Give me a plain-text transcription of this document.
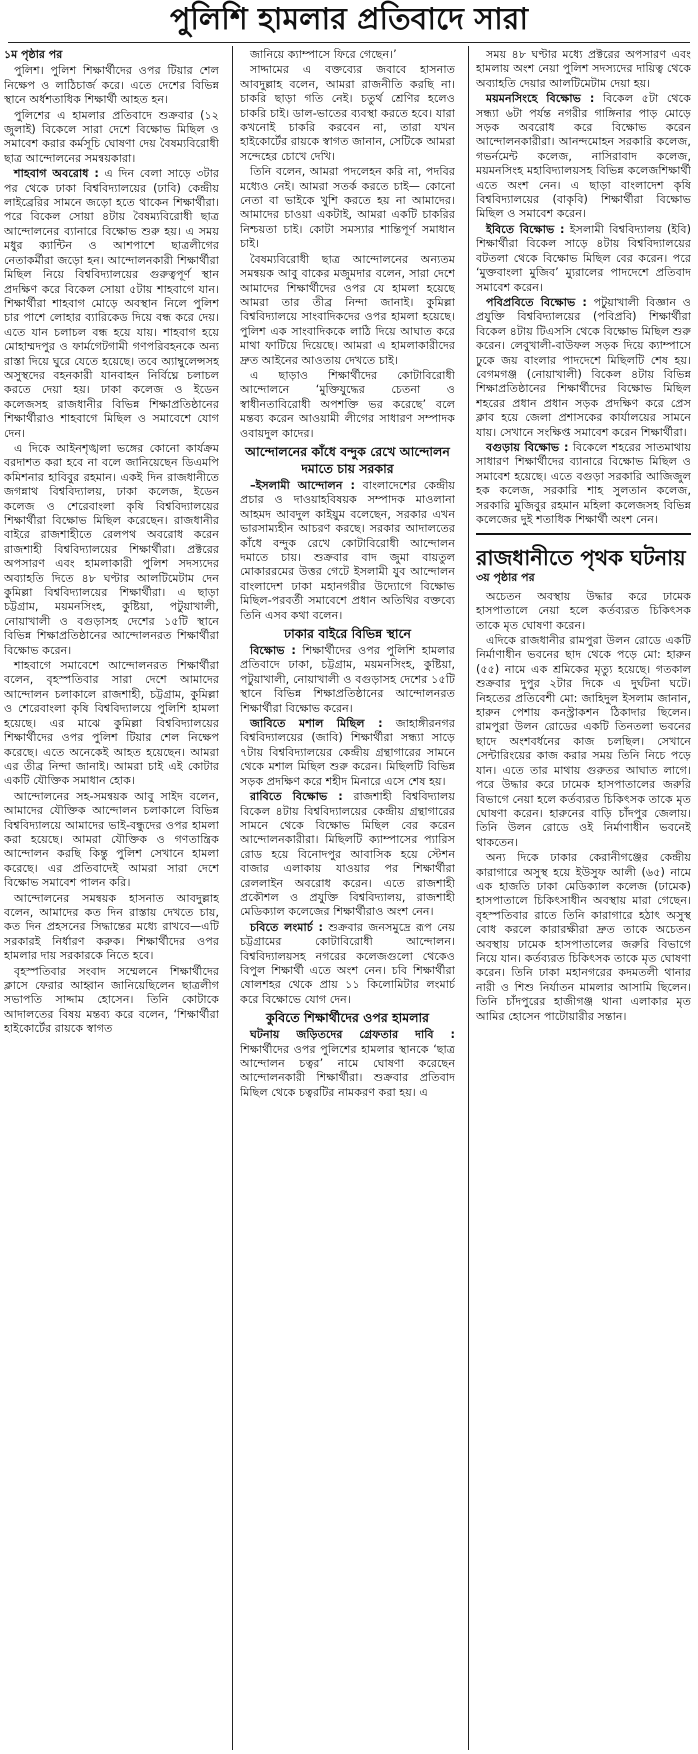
পুলিশি হামলার প্রতিবাদে সারা
১ম পৃষ্ঠার পর

পুলিশ। পুলিশ শিক্ষার্থীদের ওপর টিয়ার শেল নিক্ষেপ ও লাঠিচার্জ করে। এতে দেশের বিভিন্ন স্থানে অর্ধশতাধিক শিক্ষার্থী আহত হন।

পুলিশের এ হামলার প্রতিবাদে শুক্রবার (১২ জুলাই) বিকেলে সারা দেশে বিক্ষোভ মিছিল ও সমাবেশ করার কর্মসূচি ঘোষণা দেয় বৈষম্যবিরোধী ছাত্র আন্দোলনের সমন্বয়কারা।

শাহবাগ অবরোধ : এ দিন বেলা সাড়ে ৩টার পর থেকে ঢাকা বিশ্ববিদ্যালয়ের (ঢাবি) কেন্দ্রীয় লাইব্রেরির সামনে জড়ো হতে থাকেন শিক্ষার্থীরা। পরে বিকেল সোয়া ৪টায় বৈষম্যবিরোধী ছাত্র আন্দোলনের ব্যানারে বিক্ষোভ শুরু হয়। এ সময় মধুর ক্যান্টিন ও আশপাশে ছাত্রলীগের নেতাকর্মীরা জড়ো হন। আন্দোলনকারী শিক্ষার্থীরা মিছিল নিয়ে বিশ্ববিদ্যালয়ের গুরুত্বপূর্ণ স্থান প্রদক্ষিণ করে বিকেল সোয়া ৫টায় শাহবাগে যান। শিক্ষার্থীরা শাহবাগ মোড়ে অবস্থান নিলে পুলিশ চার পাশে লোহার ব্যারিকেড দিয়ে বন্ধ করে দেয়। এতে যান চলাচল বন্ধ হয়ে যায়। শাহবাগ হয়ে মোহাম্মদপুর ও ফার্মগেটগামী গণপরিবহনকে অন্য রাস্তা দিয়ে ঘুরে যেতে হয়েছে। তবে অ্যাম্বুলেন্সসহ অসুস্থদের বহনকারী যানবাহন নির্বিঘ্নে চলাচল করতে দেয়া হয়। ঢাকা কলেজ ও ইডেন কলেজসহ রাজধানীর বিভিন্ন শিক্ষাপ্রতিষ্ঠানের শিক্ষার্থীরাও শাহবাগে মিছিল ও সমাবেশে যোগ দেন।

এ দিকে আইনশৃঙ্খলা ভঙ্গের কোনো কার্যক্রম বরদাশত করা হবে না বলে জানিয়েছেন ডিএমপি কমিশনার হাবিবুর রহমান। একই দিন রাজধানীতে জগন্নাথ বিশ্ববিদ্যালয়, ঢাকা কলেজ, ইডেন কলেজ ও শেরেবাংলা কৃষি বিশ্ববিদ্যালয়ের শিক্ষার্থীরা বিক্ষোভ মিছিল করেছেন। রাজধানীর বাইরে রাজশাহীতে রেলপথ অবরোধ করেন রাজশাহী বিশ্ববিদ্যালয়ের শিক্ষার্থীরা। প্রক্টরের অপসারণ এবং হামলাকারী পুলিশ সদস্যদের অব্যাহতি দিতে ৪৮ ঘণ্টার আলটিমেটাম দেন কুমিল্লা বিশ্ববিদ্যালয়ের শিক্ষার্থীরা। এ ছাড়া চট্টগ্রাম, ময়মনসিংহ, কুষ্টিয়া, পটুয়াখালী, নোয়াখালী ও বগুড়াসহ দেশের ১৫টি স্থানে বিভিন্ন শিক্ষাপ্রতিষ্ঠানের আন্দোলনরত শিক্ষার্থীরা বিক্ষোভ করেন।

শাহবাগে সমাবেশে আন্দোলনরত শিক্ষার্থীরা বলেন, বৃহস্পতিবার সারা দেশে আমাদের আন্দোলন চলাকালে রাজশাহী, চট্টগ্রাম, কুমিল্লা ও শেরেবাংলা কৃষি বিশ্ববিদ্যালয়ে পুলিশি হামলা হয়েছে। এর মাঝে কুমিল্লা বিশ্ববিদ্যালয়ের শিক্ষার্থীদের ওপর পুলিশ টিয়ার শেল নিক্ষেপ করেছে। এতে অনেকেই আহত হয়েছেন। আমরা এর তীব্র নিন্দা জানাই। আমরা চাই এই কোটার একটি যৌক্তিক সমাধান হোক।

আন্দোলনের সহ-সমন্বয়ক আবু সাইদ বলেন, আমাদের যৌক্তিক আন্দোলন চলাকালে বিভিন্ন বিশ্ববিদ্যালয়ে আমাদের ভাই-বন্ধুদের ওপর হামলা করা হয়েছে। আমরা যৌক্তিক ও গণতান্ত্রিক আন্দোলন করছি কিন্তু পুলিশ সেখানে হামলা করেছে। এর প্রতিবাদেই আমরা সারা দেশে বিক্ষোভ সমাবেশ পালন করি।

আন্দোলনের সমন্বয়ক হাসনাত আবদুল্লাহ বলেন, আমাদের কত দিন রাস্তায় দেখতে চায়, কত দিন প্রহসনের সিদ্ধান্তের মধ্যে রাখবে—এটি সরকারই নির্ধারণ করুক। শিক্ষার্থীদের ওপর হামলার দায় সরকারকে নিতে হবে।

বৃহস্পতিবার সংবাদ সম্মেলনে শিক্ষার্থীদের ক্লাসে ফেরার আহ্বান জানিয়েছিলেন ছাত্রলীগ সভাপতি সাদ্দাম হোসেন। তিনি কোটাকে আদালতের বিষয় মন্তব্য করে বলেন, ‘শিক্ষার্থীরা হাইকোর্টের রায়কে স্বাগত

জানিয়ে ক্যাম্পাসে ফিরে গেছেন।’

সাদ্দামের এ বক্তব্যের জবাবে হাসনাত আবদুল্লাহ বলেন, আমরা রাজনীতি করছি না। চাকরি ছাড়া গতি নেই। চতুর্থ শ্রেণির হলেও চাকরি চাই। ডাল-ভাতের ব্যবস্থা করতে হবে। যারা কখনোই চাকরি করবেন না, তারা যখন হাইকোর্টের রায়কে স্বাগত জানান, সেটিকে আমরা সন্দেহের চোখে দেখি।

তিনি বলেন, আমরা পদলেহন করি না, পদবির মধ্যেও নেই। আমরা সতর্ক করতে চাই— কোনো নেতা বা ভাইকে খুশি করতে হয় না আমাদের। আমাদের চাওয়া একটাই, আমরা একটি চাকরির নিশ্চয়তা চাই। কোটা সমস্যার শান্তিপূর্ণ সমাধান চাই।

বৈষম্যবিরোধী ছাত্র আন্দোলনের অন্যতম সমন্বয়ক আবু বাকের মজুমদার বলেন, সারা দেশে আমাদের শিক্ষার্থীদের ওপর যে হামলা হয়েছে আমরা তার তীব্র নিন্দা জানাই। কুমিল্লা বিশ্ববিদ্যালয়ে সাংবাদিকদের ওপর হামলা হয়েছে। পুলিশ এক সাংবাদিককে লাঠি দিয়ে আঘাত করে মাথা ফাটিয়ে দিয়েছে। আমরা এ হামলাকারীদের দ্রুত আইনের আওতায় দেখতে চাই।

এ ছাড়াও শিক্ষার্থীদের কোটাবিরোধী আন্দোলনে ‘মুক্তিযুদ্ধের চেতনা ও স্বাধীনতাবিরোধী অপশক্তি ভর করেছে’ বলে মন্তব্য করেন আওয়ামী লীগের সাধারণ সম্পাদক ওবায়দুল কাদের।

আন্দোলনের কাঁধে বন্দুক রেখে আন্দোলন দমাতে চায় সরকার

–ইসলামী আন্দোলন : বাংলাদেশের কেন্দ্রীয় প্রচার ও দাওয়াহবিষয়ক সম্পাদক মাওলানা আহমদ আবদুল কাইয়ুম বলেছেন, সরকার এখন ভারসাম্যহীন আচরণ করছে। সরকার আদালতের কাঁধে বন্দুক রেখে কোটাবিরোধী আন্দোলন দমাতে চায়। শুক্রবার বাদ জুমা বায়তুল মোকাররমের উত্তর গেটে ইসলামী যুব আন্দোলন বাংলাদেশ ঢাকা মহানগরীর উদ্যোগে বিক্ষোভ মিছিল-পরবর্তী সমাবেশে প্রধান অতিথির বক্তব্যে তিনি এসব কথা বলেন।

ঢাকার বাইরে বিভিন্ন স্থানে

বিক্ষোভ : শিক্ষার্থীদের ওপর পুলিশি হামলার প্রতিবাদে ঢাকা, চট্টগ্রাম, ময়মনসিংহ, কুষ্টিয়া, পটুয়াখালী, নোয়াখালী ও বগুড়াসহ দেশের ১৫টি স্থানে বিভিন্ন শিক্ষাপ্রতিষ্ঠানের আন্দোলনরত শিক্ষার্থীরা বিক্ষোভ করেন।

জাবিতে মশাল মিছিল : জাহাঙ্গীরনগর বিশ্ববিদ্যালয়ের (জাবি) শিক্ষার্থীরা সন্ধ্যা সাড়ে ৭টায় বিশ্ববিদ্যালয়ের কেন্দ্রীয় গ্রন্থাগারের সামনে থেকে মশাল মিছিল শুরু করেন। মিছিলটি বিভিন্ন সড়ক প্রদক্ষিণ করে শহীদ মিনারে এসে শেষ হয়।

রাবিতে বিক্ষোভ : রাজশাহী বিশ্ববিদ্যালয় বিকেল ৪টায় বিশ্ববিদ্যালয়ের কেন্দ্রীয় গ্রন্থাগারের সামনে থেকে বিক্ষোভ মিছিল বের করেন আন্দোলনকারীরা। মিছিলটি ক্যাম্পাসের প্যারিস রোড হয়ে বিনোদপুর আবাসিক হয়ে স্টেশন বাজার এলাকায় যাওয়ার পর শিক্ষার্থীরা রেললাইন অবরোধ করেন। এতে রাজশাহী প্রকৌশল ও প্রযুক্তি বিশ্ববিদ্যালয়, রাজশাহী মেডিক্যাল কলেজের শিক্ষার্থীরাও অংশ নেন।

চবিতে লংমার্চ : শুক্রবার জনসমুদ্রে রূপ নেয় চট্টগ্রামের কোটাবিরোধী আন্দোলন। বিশ্ববিদ্যালয়সহ নগরের কলেজগুলো থেকেও বিপুল শিক্ষার্থী এতে অংশ নেন। চবি শিক্ষার্থীরা ষোলশহর থেকে প্রায় ১১ কিলোমিটার লংমার্চ করে বিক্ষোভে যোগ দেন।

কুবিতে শিক্ষার্থীদের ওপর হামলার

ঘটনায় জড়িতদের গ্রেফতার দাবি : শিক্ষার্থীদের ওপর পুলিশের হামলার স্থানকে ‘ছাত্র আন্দোলন চত্বর’ নামে ঘোষণা করেছেন আন্দোলনকারী শিক্ষার্থীরা। শুক্রবার প্রতিবাদ মিছিল থেকে চত্বরটির নামকরণ করা হয়। এ

সময় ৪৮ ঘণ্টার মধ্যে প্রক্টরের অপসারণ এবং হামলায় অংশ নেয়া পুলিশ সদস্যদের দায়িত্ব থেকে অব্যাহতি দেয়ার আলটিমেটাম দেয়া হয়।

ময়মনসিংহে বিক্ষোভ : বিকেল ৫টা থেকে সন্ধ্যা ৬টা পর্যন্ত নগরীর গাঙ্গিনার পাড় মোড়ে সড়ক অবরোধ করে বিক্ষোভ করেন আন্দোলনকারীরা। আনন্দমোহন সরকারি কলেজ, গভর্নমেন্ট কলেজ, নাসিরাবাদ কলেজ, ময়মনসিংহ মহাবিদ্যালয়সহ বিভিন্ন কলেজশিক্ষার্থী এতে অংশ নেন। এ ছাড়া বাংলাদেশ কৃষি বিশ্ববিদ্যালয়ের (বাকৃবি) শিক্ষার্থীরা বিক্ষোভ মিছিল ও সমাবেশ করেন।

ইবিতে বিক্ষোভ : ইসলামী বিশ্ববিদ্যালয় (ইবি) শিক্ষার্থীরা বিকেল সাড়ে ৪টায় বিশ্ববিদ্যালয়ের বটতলা থেকে বিক্ষোভ মিছিল বের করেন। পরে ‘মুক্তবাংলা মুজিব’ ম্যুরালের পাদদেশে প্রতিবাদ সমাবেশ করেন।

পবিপ্রবিতে বিক্ষোভ : পটুয়াখালী বিজ্ঞান ও প্রযুক্তি বিশ্ববিদ্যালয়ের (পবিপ্রবি) শিক্ষার্থীরা বিকেল ৪টায় টিএসসি থেকে বিক্ষোভ মিছিল শুরু করেন। লেবুখালী-বাউফল সড়ক দিয়ে ক্যাম্পাসে ঢুকে জয় বাংলার পাদদেশে মিছিলটি শেষ হয়। বেগমগঞ্জ (নোয়াখালী) বিকেল ৪টায় বিভিন্ন শিক্ষাপ্রতিষ্ঠানের শিক্ষার্থীদের বিক্ষোভ মিছিল শহরের প্রধান প্রধান সড়ক প্রদক্ষিণ করে প্রেস ক্লাব হয়ে জেলা প্রশাসকের কার্যালয়ের সামনে যায়। সেখানে সংক্ষিপ্ত সমাবেশ করেন শিক্ষার্থীরা।

বগুড়ায় বিক্ষোভ : বিকেলে শহরের সাতমাথায় সাধারণ শিক্ষার্থীদের ব্যানারে বিক্ষোভ মিছিল ও সমাবেশ হয়েছে। এতে বগুড়া সরকারি আজিজুল হক কলেজ, সরকারি শাহ সুলতান কলেজ, সরকারি মুজিবুর রহমান মহিলা কলেজসহ বিভিন্ন কলেজের দুই শতাধিক শিক্ষার্থী অংশ নেন।

রাজধানীতে পৃথক ঘটনায়
৩য় পৃষ্ঠার পর

অচেতন অবস্থায় উদ্ধার করে ঢামেক হাসপাতালে নেয়া হলে কর্তব্যরত চিকিৎসক তাকে মৃত ঘোষণা করেন।

এদিকে রাজধানীর রামপুরা উলন রোডে একটি নির্মাণাধীন ভবনের ছাদ থেকে পড়ে মো: হারুন (৫৫) নামে এক শ্রমিকের মৃত্যু হয়েছে। গতকাল শুক্রবার দুপুর ২টার দিকে এ দুর্ঘটনা ঘটে। নিহতের প্রতিবেশী মো: জাহিদুল ইসলাম জানান, হারুন পেশায় কনস্ট্রাকশন ঠিকাদার ছিলেন। রামপুরা উলন রোডের একটি তিনতলা ভবনের ছাদে অংশবর্ধনের কাজ চলছিল। সেখানে সেন্টারিংয়ের কাজ করার সময় তিনি নিচে পড়ে যান। এতে তার মাথায় গুরুতর আঘাত লাগে। পরে উদ্ধার করে ঢামেক হাসপাতালের জরুরি বিভাগে নেয়া হলে কর্তব্যরত চিকিৎসক তাকে মৃত ঘোষণা করেন। হারুনের বাড়ি চাঁদপুর জেলায়। তিনি উলন রোডে ওই নির্মাণাধীন ভবনেই থাকতেন।

অন্য দিকে ঢাকার কেরানীগঞ্জের কেন্দ্রীয় কারাগারে অসুস্থ হয়ে ইউসুফ আলী (৬৫) নামে এক হাজতি ঢাকা মেডিক্যাল কলেজ (ঢামেক) হাসপাতালে চিকিৎসাধীন অবস্থায় মারা গেছেন। বৃহস্পতিবার রাতে তিনি কারাগারে হঠাৎ অসুস্থ বোধ করলে কারারক্ষীরা দ্রুত তাকে অচেতন অবস্থায় ঢামেক হাসপাতালের জরুরি বিভাগে নিয়ে যান। কর্তব্যরত চিকিৎসক তাকে মৃত ঘোষণা করেন। তিনি ঢাকা মহানগরের কদমতলী থানার নারী ও শিশু নির্যাতন মামলার আসামি ছিলেন। তিনি চাঁদপুরের হাজীগঞ্জ থানা এলাকার মৃত আমির হোসেন পাটোয়ারীর সন্তান।
